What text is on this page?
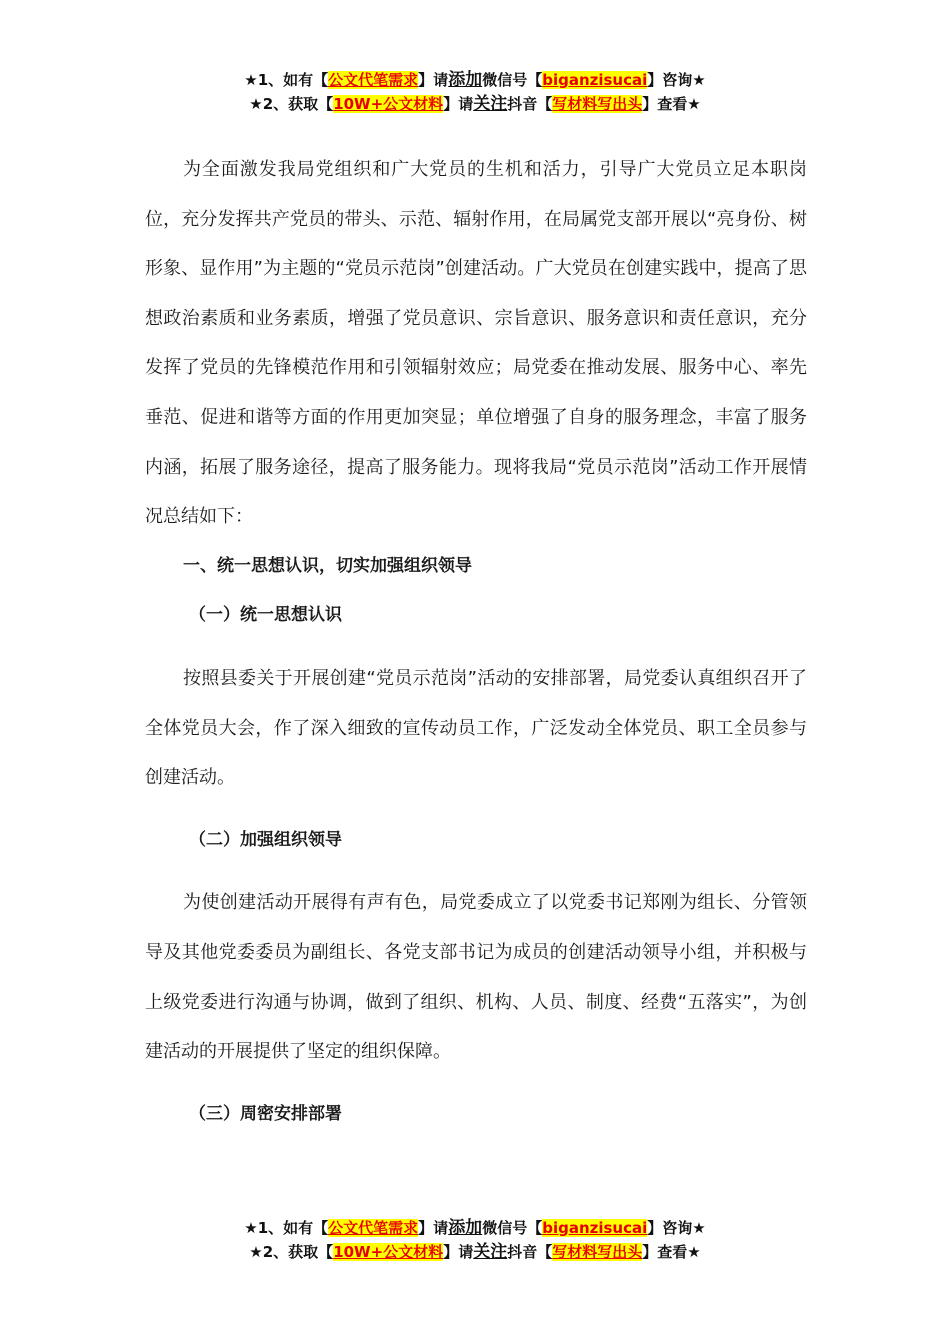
★1、如有【公文代笔需求】请添加微信号【biganzisucai】咨询★
★2、获取【10W+公文材料】请关注抖音【写材料写出头】查看★

为全面激发我局党组织和广大党员的生机和活力，引导广大党员立足本职岗位，充分发挥共产党员的带头、示范、辐射作用，在局属党支部开展以“亮身份、树形象、显作用”为主题的“党员示范岗”创建活动。广大党员在创建实践中，提高了思想政治素质和业务素质，增强了党员意识、宗旨意识、服务意识和责任意识，充分发挥了党员的先锋模范作用和引领辐射效应；局党委在推动发展、服务中心、率先垂范、促进和谐等方面的作用更加突显；单位增强了自身的服务理念，丰富了服务内涵，拓展了服务途径，提高了服务能力。现将我局“党员示范岗”活动工作开展情况总结如下：

一、统一思想认识，切实加强组织领导

（一）统一思想认识

按照县委关于开展创建“党员示范岗”活动的安排部署，局党委认真组织召开了全体党员大会，作了深入细致的宣传动员工作，广泛发动全体党员、职工全员参与创建活动。

（二）加强组织领导

为使创建活动开展得有声有色，局党委成立了以党委书记郑刚为组长、分管领导及其他党委委员为副组长、各党支部书记为成员的创建活动领导小组，并积极与上级党委进行沟通与协调，做到了组织、机构、人员、制度、经费“五落实”，为创建活动的开展提供了坚定的组织保障。

（三）周密安排部署

★1、如有【公文代笔需求】请添加微信号【biganzisucai】咨询★
★2、获取【10W+公文材料】请关注抖音【写材料写出头】查看★
